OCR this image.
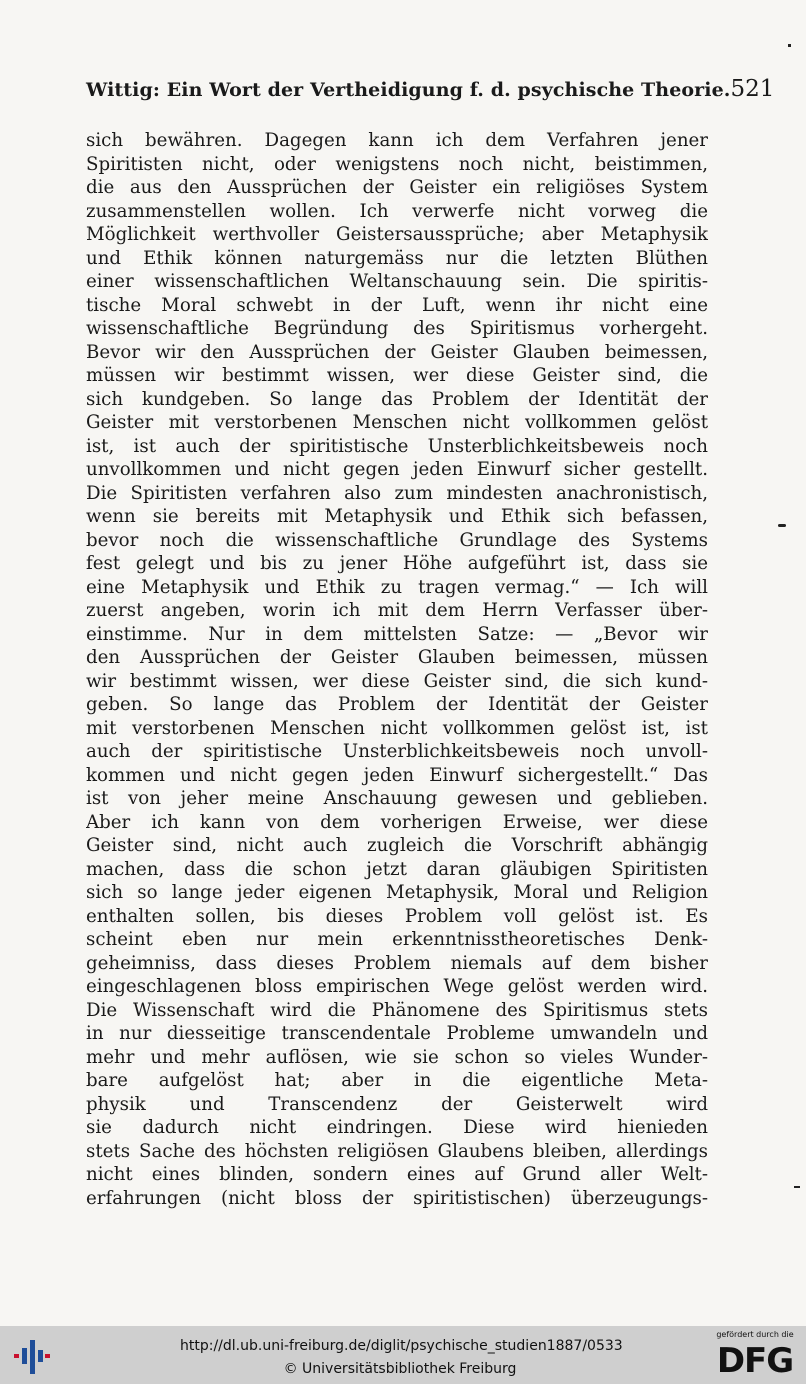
Wittig: Ein Wort der Vertheidigung f. d. psychische Theorie. 521
sich bewähren. Dagegen kann ich dem Verfahren jener
Spiritisten nicht, oder wenigstens noch nicht, beistimmen,
die aus den Aussprüchen der Geister ein religiöses System
zusammenstellen wollen. Ich verwerfe nicht vorweg die
Möglichkeit werthvoller Geistersaussprüche; aber Metaphysik
und Ethik können naturgemäss nur die letzten Blüthen
einer wissenschaftlichen Weltanschauung sein. Die spiritis-
tische Moral schwebt in der Luft, wenn ihr nicht eine
wissenschaftliche Begründung des Spiritismus vorhergeht.
Bevor wir den Aussprüchen der Geister Glauben beimessen,
müssen wir bestimmt wissen, wer diese Geister sind, die
sich kundgeben. So lange das Problem der Identität der
Geister mit verstorbenen Menschen nicht vollkommen gelöst
ist, ist auch der spiritistische Unsterblichkeitsbeweis noch
unvollkommen und nicht gegen jeden Einwurf sicher gestellt.
Die Spiritisten verfahren also zum mindesten anachronistisch,
wenn sie bereits mit Metaphysik und Ethik sich befassen,
bevor noch die wissenschaftliche Grundlage des Systems
fest gelegt und bis zu jener Höhe aufgeführt ist, dass sie
eine Metaphysik und Ethik zu tragen vermag.“ — Ich will
zuerst angeben, worin ich mit dem Herrn Verfasser über-
einstimme. Nur in dem mittelsten Satze: — „Bevor wir
den Aussprüchen der Geister Glauben beimessen, müssen
wir bestimmt wissen, wer diese Geister sind, die sich kund-
geben. So lange das Problem der Identität der Geister
mit verstorbenen Menschen nicht vollkommen gelöst ist, ist
auch der spiritistische Unsterblichkeitsbeweis noch unvoll-
kommen und nicht gegen jeden Einwurf sichergestellt.“ Das
ist von jeher meine Anschauung gewesen und geblieben.
Aber ich kann von dem vorherigen Erweise, wer diese
Geister sind, nicht auch zugleich die Vorschrift abhängig
machen, dass die schon jetzt daran gläubigen Spiritisten
sich so lange jeder eigenen Metaphysik, Moral und Religion
enthalten sollen, bis dieses Problem voll gelöst ist. Es
scheint eben nur mein erkenntnisstheoretisches Denk-
geheimniss, dass dieses Problem niemals auf dem bisher
eingeschlagenen bloss empirischen Wege gelöst werden wird.
Die Wissenschaft wird die Phänomene des Spiritismus stets
in nur diesseitige transcendentale Probleme umwandeln und
mehr und mehr auflösen, wie sie schon so vieles Wunder-
bare aufgelöst hat; aber in die eigentliche Meta-
physik und Transcendenz der Geisterwelt wird
sie dadurch nicht eindringen. Diese wird hienieden
stets Sache des höchsten religiösen Glaubens bleiben, allerdings
nicht eines blinden, sondern eines auf Grund aller Welt-
erfahrungen (nicht bloss der spiritistischen) überzeugungs-
http://dl.ub.uni-freiburg.de/diglit/psychische_studien1887/0533
© Universitätsbibliothek Freiburg
gefördert durch die
DFG
